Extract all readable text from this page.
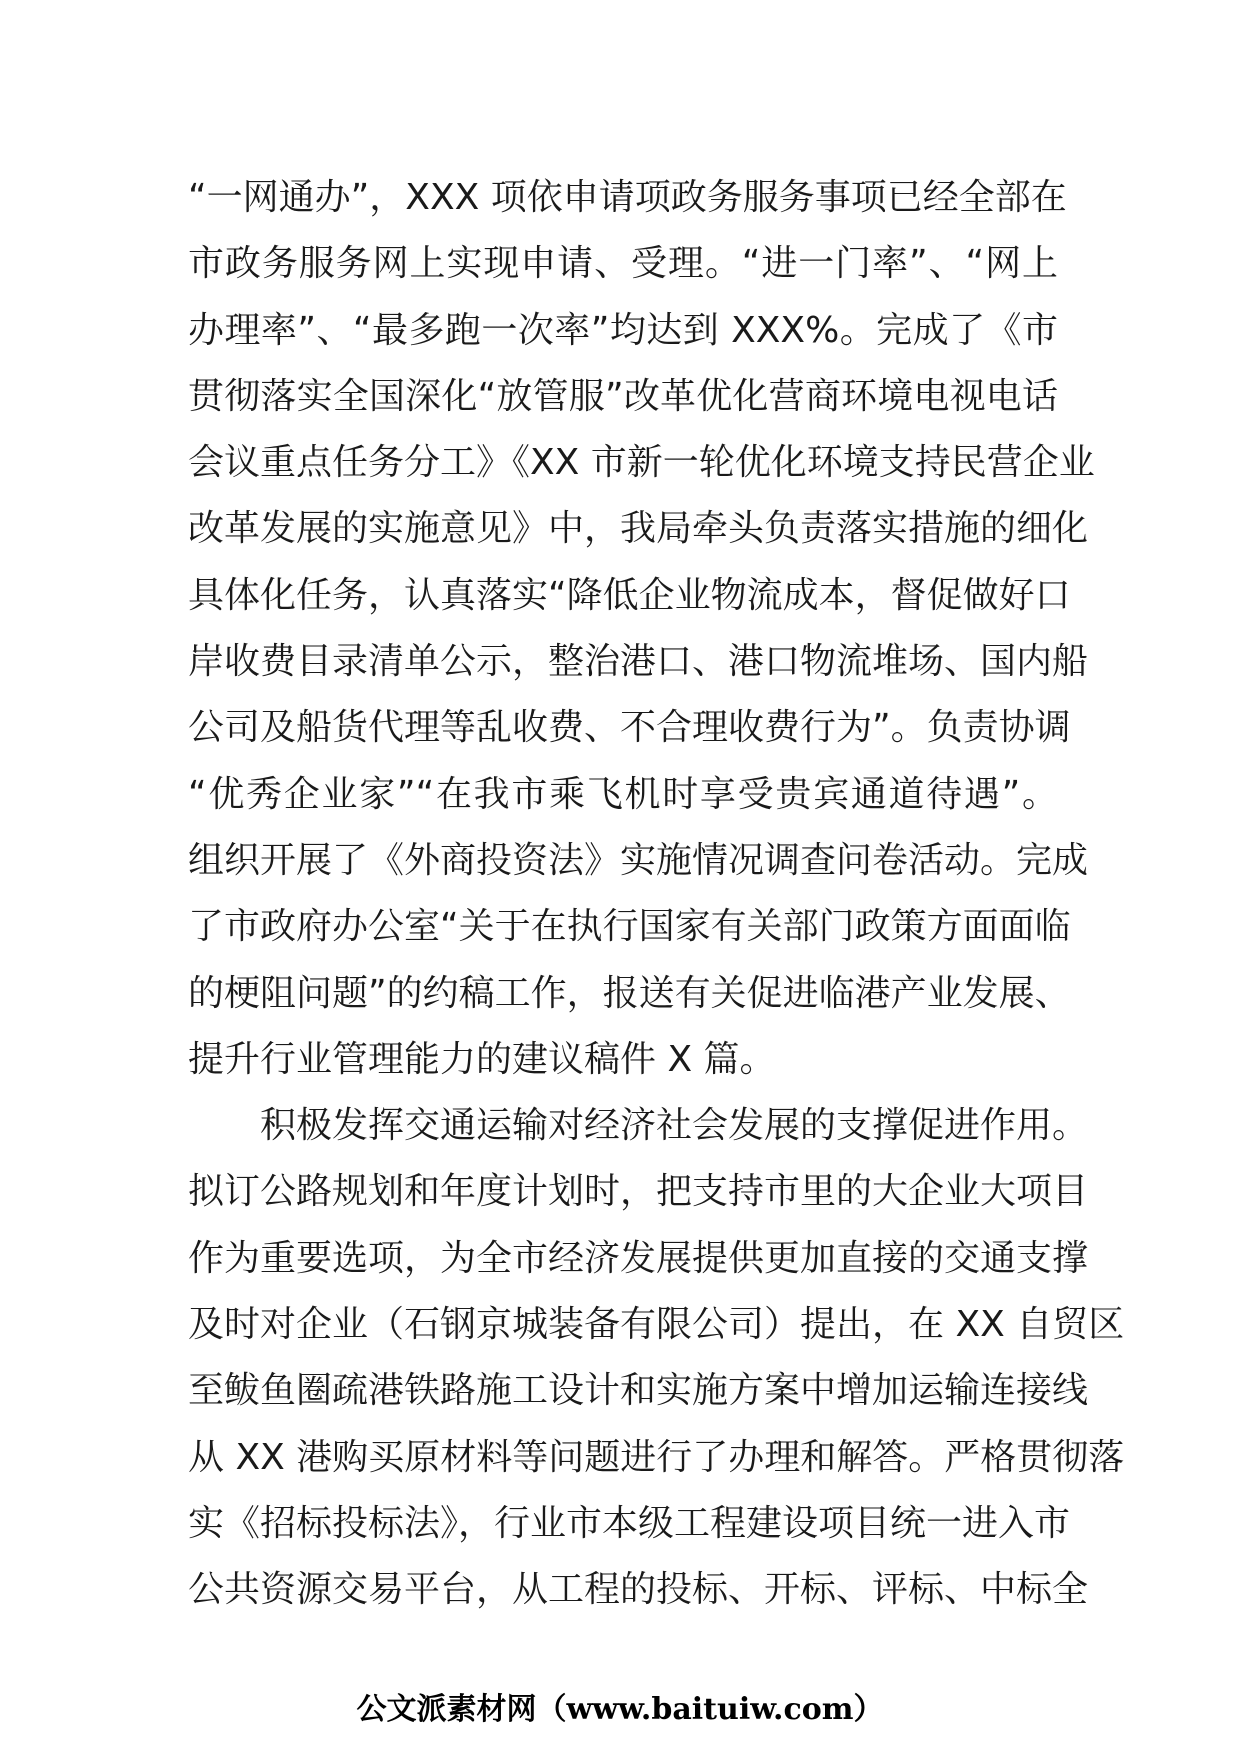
“一网通办”，XXX 项依申请项政务服务事项已经全部在
市政务服务网上实现申请、受理。“进一门率”、“网上
办理率”、“最多跑一次率”均达到 XXX%。完成了《市
贯彻落实全国深化“放管服”改革优化营商环境电视电话
会议重点任务分工》《XX 市新一轮优化环境支持民营企业
改革发展的实施意见》中，我局牵头负责落实措施的细化
具体化任务，认真落实“降低企业物流成本，督促做好口
岸收费目录清单公示，整治港口、港口物流堆场、国内船
公司及船货代理等乱收费、不合理收费行为”。负责协调
“优秀企业家”“在我市乘飞机时享受贵宾通道待遇”。
组织开展了《外商投资法》实施情况调查问卷活动。完成
了市政府办公室“关于在执行国家有关部门政策方面面临
的梗阻问题”的约稿工作，报送有关促进临港产业发展、
提升行业管理能力的建议稿件 X 篇。
积极发挥交通运输对经济社会发展的支撑促进作用。
拟订公路规划和年度计划时，把支持市里的大企业大项目
作为重要选项，为全市经济发展提供更加直接的交通支撑
及时对企业（石钢京城装备有限公司）提出，在 XX 自贸区
至鲅鱼圈疏港铁路施工设计和实施方案中增加运输连接线
从 XX 港购买原材料等问题进行了办理和解答。严格贯彻落
实《招标投标法》，行业市本级工程建设项目统一进入市
公共资源交易平台，从工程的投标、开标、评标、中标全
公文派素材网（www.baituiw.com）
